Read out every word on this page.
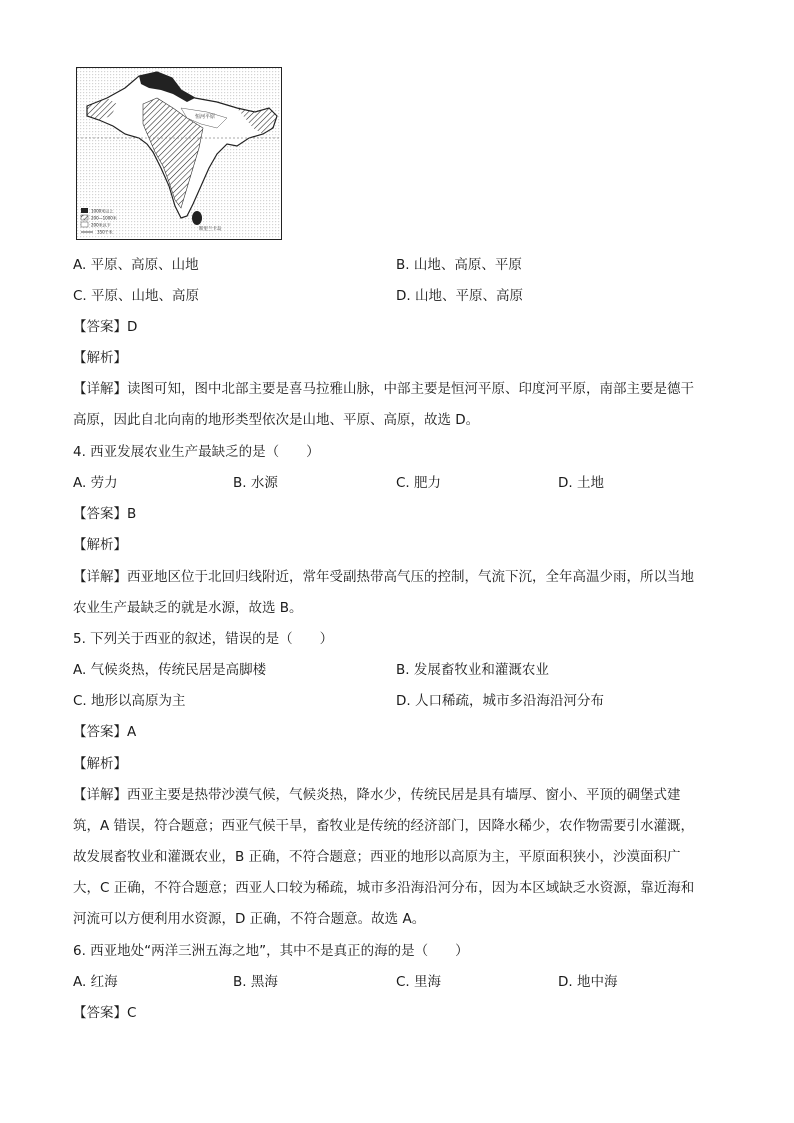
恒河平原
斯里兰卡岛
1000米以上
200—1000米
200米以下
350千米
A. 平原、高原、山地	B. 山地、高原、平原
C. 平原、山地、高原	D. 山地、平原、高原
【答案】D
【解析】
【详解】读图可知，图中北部主要是喜马拉雅山脉，中部主要是恒河平原、印度河平原，南部主要是德干
高原，因此自北向南的地形类型依次是山地、平原、高原，故选 D。
4. 西亚发展农业生产最缺乏的是（　　）
A. 劳力	B. 水源	C. 肥力	D. 土地
【答案】B
【解析】
【详解】西亚地区位于北回归线附近，常年受副热带高气压的控制，气流下沉，全年高温少雨，所以当地
农业生产最缺乏的就是水源，故选 B。
5. 下列关于西亚的叙述，错误的是（　　）
A. 气候炎热，传统民居是高脚楼	B. 发展畜牧业和灌溉农业
C. 地形以高原为主	D. 人口稀疏，城市多沿海沿河分布
【答案】A
【解析】
【详解】西亚主要是热带沙漠气候，气候炎热，降水少，传统民居是具有墙厚、窗小、平顶的碉堡式建
筑，A 错误，符合题意；西亚气候干旱，畜牧业是传统的经济部门，因降水稀少，农作物需要引水灌溉，
故发展畜牧业和灌溉农业，B 正确，不符合题意；西亚的地形以高原为主，平原面积狭小，沙漠面积广
大，C 正确，不符合题意；西亚人口较为稀疏，城市多沿海沿河分布，因为本区域缺乏水资源，靠近海和
河流可以方便利用水资源，D 正确，不符合题意。故选 A。
6. 西亚地处“两洋三洲五海之地”，其中不是真正的海的是（　　）
A. 红海	B. 黑海	C. 里海	D. 地中海
【答案】C
